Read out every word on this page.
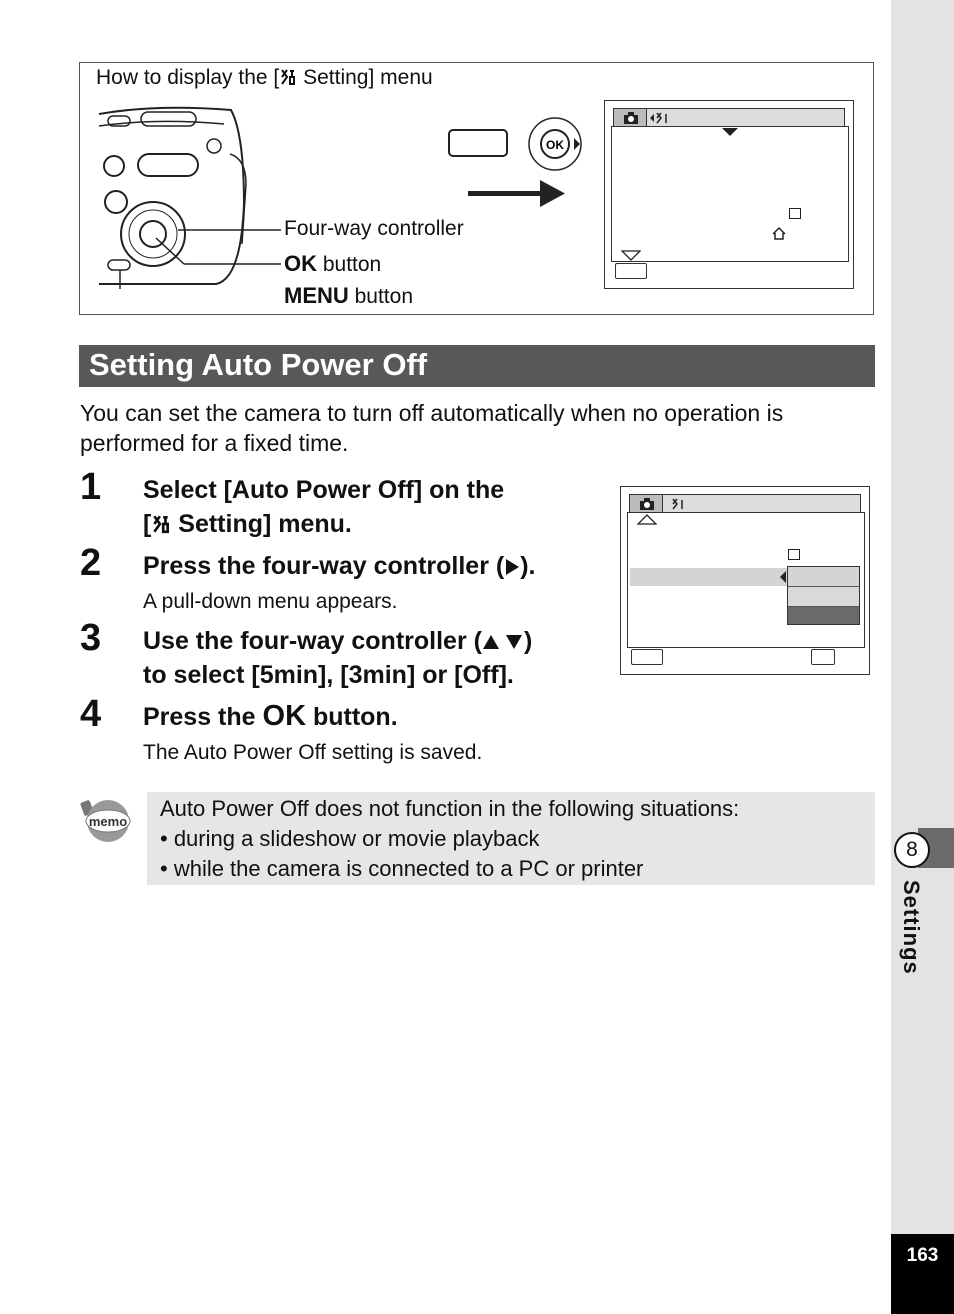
8
Settings
163
How to display the [ Setting] menu
Four-way controller
OK button
MENU button
OK
Setting Auto Power Off
You can set the camera to turn off automatically when no operation is performed for a fixed time.
1 Select [Auto Power Off] on the
[ Setting] menu.
2 Press the four-way controller ( ).
A pull-down menu appears.
3 Use the four-way controller ( )
to select [5min], [3min] or [Off].
4 Press the OK button.
The Auto Power Off setting is saved.
memo
Auto Power Off does not function in the following situations:
• during a slideshow or movie playback
• while the camera is connected to a PC or printer
